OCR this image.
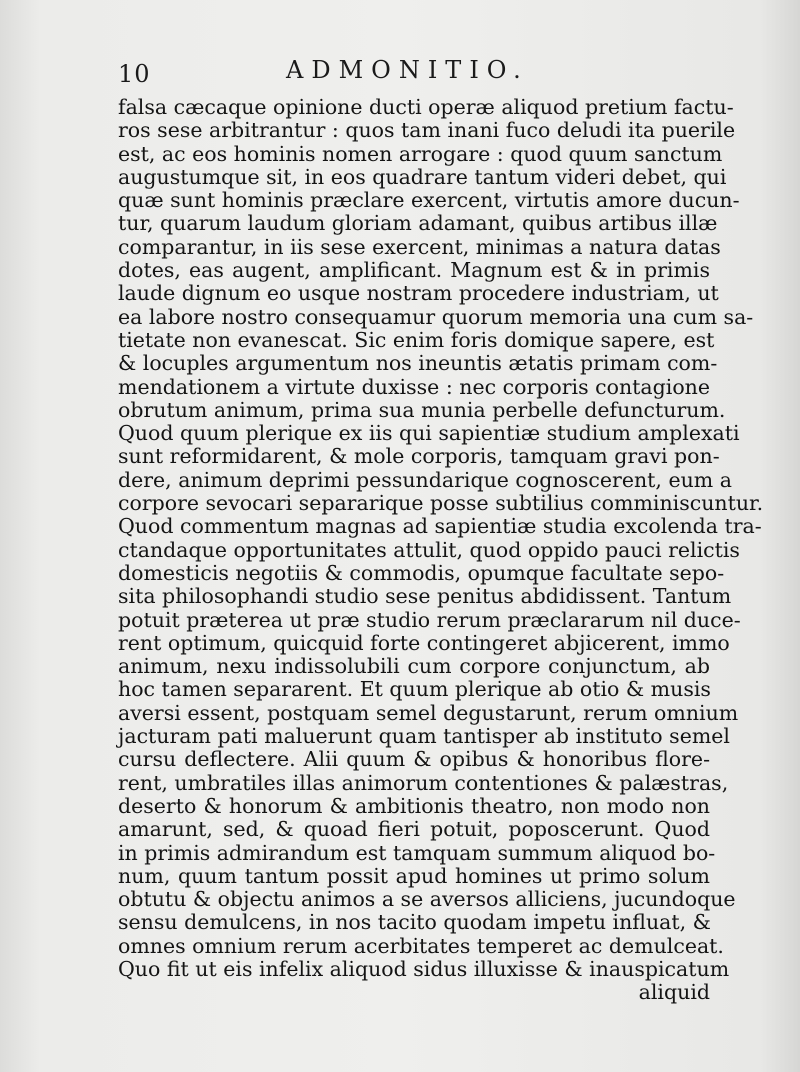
10	ADMONITIO.
falsa cæcaque opinione ducti operæ aliquod pretium factu-
ros sese arbitrantur : quos tam inani fuco deludi ita puerile
est, ac eos hominis nomen arrogare : quod quum sanctum
augustumque sit, in eos quadrare tantum videri debet, qui
quæ sunt hominis præclare exercent, virtutis amore ducun-
tur, quarum laudum gloriam adamant, quibus artibus illæ
comparantur, in iis sese exercent, minimas a natura datas
dotes, eas augent, amplificant. Magnum est & in primis
laude dignum eo usque nostram procedere industriam, ut
ea labore nostro consequamur quorum memoria una cum sa-
tietate non evanescat. Sic enim foris domique sapere, est
& locuples argumentum nos ineuntis ætatis primam com-
mendationem a virtute duxisse : nec corporis contagione
obrutum animum, prima sua munia perbelle defuncturum.
Quod quum plerique ex iis qui sapientiæ studium amplexati
sunt reformidarent, & mole corporis, tamquam gravi pon-
dere, animum deprimi pessundarique cognoscerent, eum a
corpore sevocari separarique posse subtilius comminiscuntur.
Quod commentum magnas ad sapientiæ studia excolenda tra-
ctandaque opportunitates attulit, quod oppido pauci relictis
domesticis negotiis & commodis, opumque facultate sepo-
sita philosophandi studio sese penitus abdidissent. Tantum
potuit præterea ut præ studio rerum præclararum nil duce-
rent optimum, quicquid forte contingeret abjicerent, immo
animum, nexu indissolubili cum corpore conjunctum, ab
hoc tamen separarent. Et quum plerique ab otio & musis
aversi essent, postquam semel degustarunt, rerum omnium
jacturam pati maluerunt quam tantisper ab instituto semel
cursu deflectere. Alii quum & opibus & honoribus flore-
rent, umbratiles illas animorum contentiones & palæstras,
deserto & honorum & ambitionis theatro, non modo non
amarunt, sed, & quoad fieri potuit, poposcerunt. Quod
in primis admirandum est tamquam summum aliquod bo-
num, quum tantum possit apud homines ut primo solum
obtutu & objectu animos a se aversos alliciens, jucundoque
sensu demulcens, in nos tacito quodam impetu influat, &
omnes omnium rerum acerbitates temperet ac demulceat.
Quo fit ut eis infelix aliquod sidus illuxisse & inauspicatum
aliquid
